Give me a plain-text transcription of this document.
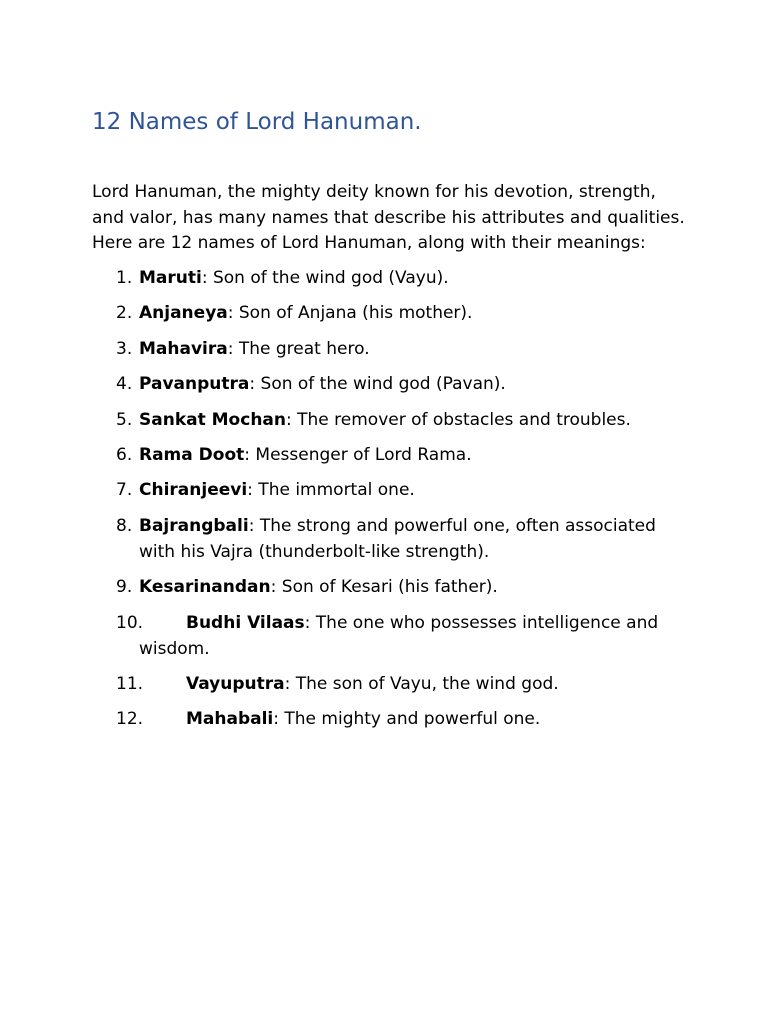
12 Names of Lord Hanuman.

Lord Hanuman, the mighty deity known for his devotion, strength,
and valor, has many names that describe his attributes and qualities.
Here are 12 names of Lord Hanuman, along with their meanings:

1. Maruti: Son of the wind god (Vayu).
2. Anjaneya: Son of Anjana (his mother).
3. Mahavira: The great hero.
4. Pavanputra: Son of the wind god (Pavan).
5. Sankat Mochan: The remover of obstacles and troubles.
6. Rama Doot: Messenger of Lord Rama.
7. Chiranjeevi: The immortal one.
8. Bajrangbali: The strong and powerful one, often associated
with his Vajra (thunderbolt-like strength).
9. Kesarinandan: Son of Kesari (his father).
10.	Budhi Vilaas: The one who possesses intelligence and
wisdom.
11.	Vayuputra: The son of Vayu, the wind god.
12.	Mahabali: The mighty and powerful one.
